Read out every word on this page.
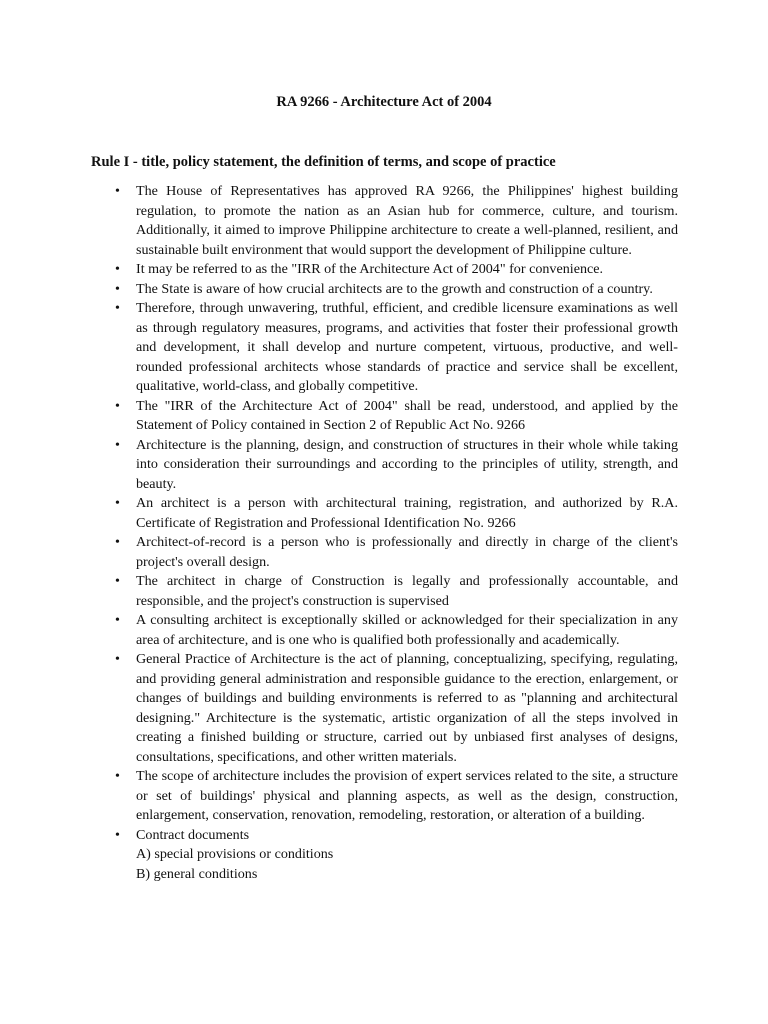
RA 9266 - Architecture Act of 2004
Rule I - title, policy statement, the definition of terms, and scope of practice
• The House of Representatives has approved RA 9266, the Philippines' highest building regulation, to promote the nation as an Asian hub for commerce, culture, and tourism. Additionally, it aimed to improve Philippine architecture to create a well-planned, resilient, and sustainable built environment that would support the development of Philippine culture.
• It may be referred to as the "IRR of the Architecture Act of 2004" for convenience.
• The State is aware of how crucial architects are to the growth and construction of a country.
• Therefore, through unwavering, truthful, efficient, and credible licensure examinations as well as through regulatory measures, programs, and activities that foster their professional growth and development, it shall develop and nurture competent, virtuous, productive, and well-rounded professional architects whose standards of practice and service shall be excellent, qualitative, world-class, and globally competitive.
• The "IRR of the Architecture Act of 2004" shall be read, understood, and applied by the Statement of Policy contained in Section 2 of Republic Act No. 9266
• Architecture is the planning, design, and construction of structures in their whole while taking into consideration their surroundings and according to the principles of utility, strength, and beauty.
• An architect is a person with architectural training, registration, and authorized by R.A. Certificate of Registration and Professional Identification No. 9266
• Architect-of-record is a person who is professionally and directly in charge of the client's project's overall design.
• The architect in charge of Construction is legally and professionally accountable, and responsible, and the project's construction is supervised
• A consulting architect is exceptionally skilled or acknowledged for their specialization in any area of architecture, and is one who is qualified both professionally and academically.
• General Practice of Architecture is the act of planning, conceptualizing, specifying, regulating, and providing general administration and responsible guidance to the erection, enlargement, or changes of buildings and building environments is referred to as "planning and architectural designing." Architecture is the systematic, artistic organization of all the steps involved in creating a finished building or structure, carried out by unbiased first analyses of designs, consultations, specifications, and other written materials.
• The scope of architecture includes the provision of expert services related to the site, a structure or set of buildings' physical and planning aspects, as well as the design, construction, enlargement, conservation, renovation, remodeling, restoration, or alteration of a building.
• Contract documents
A) special provisions or conditions
B) general conditions
